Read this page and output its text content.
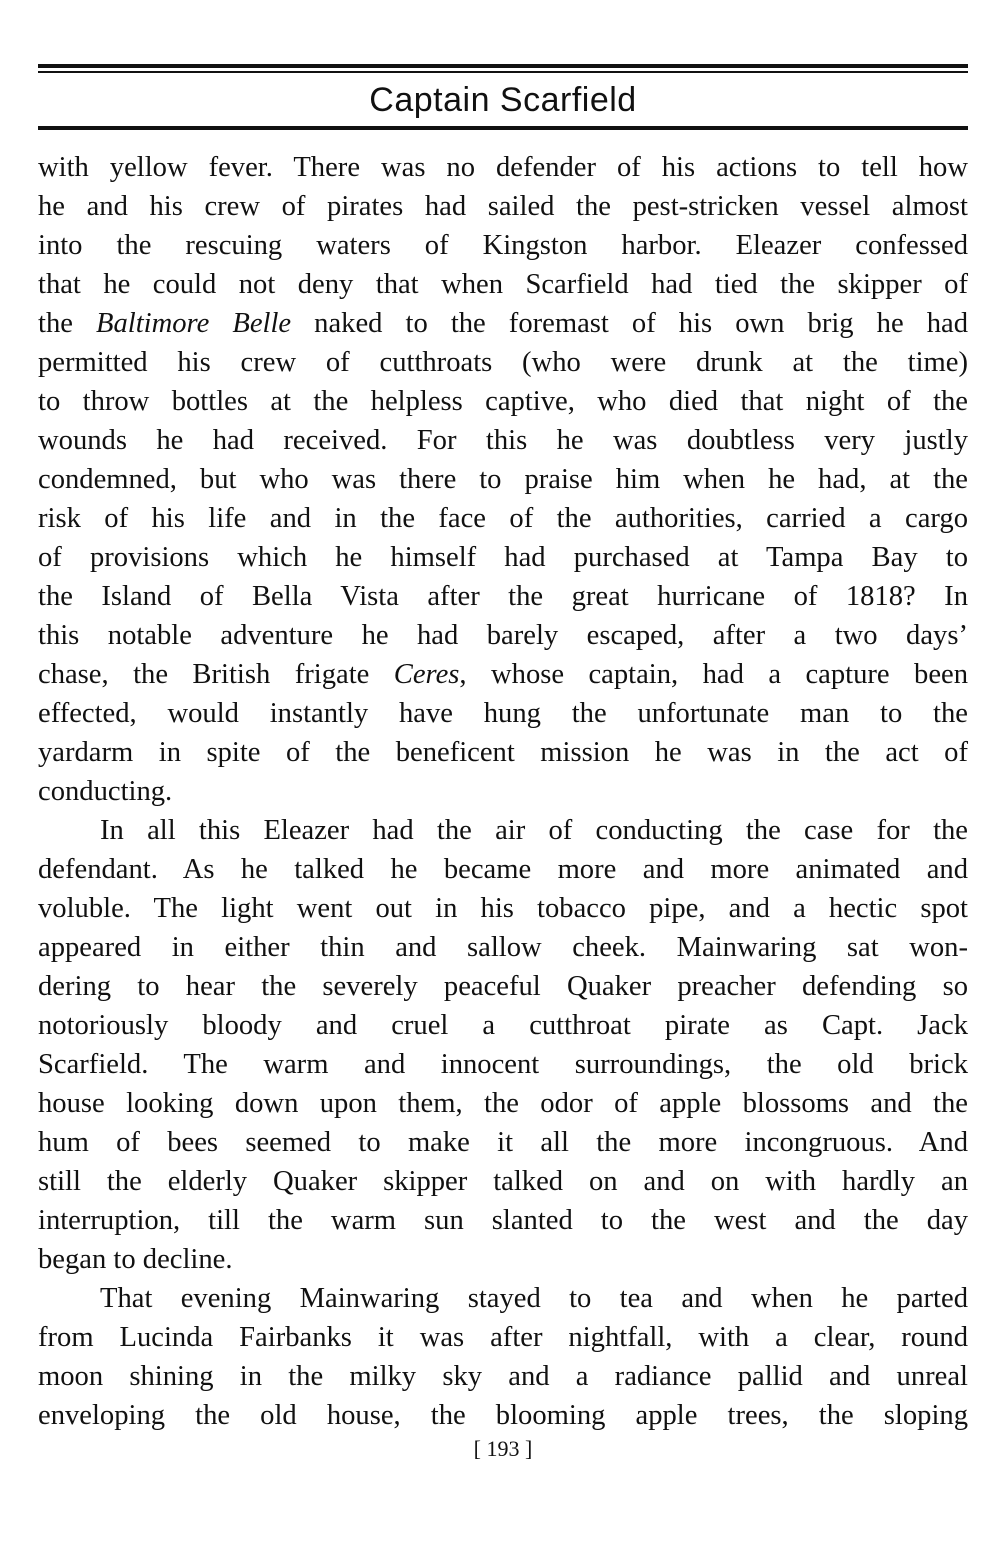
Captain Scarfield
with yellow fever. There was no defender of his actions to tell how
he and his crew of pirates had sailed the pest-stricken vessel almost
into the rescuing waters of Kingston harbor. Eleazer confessed
that he could not deny that when Scarfield had tied the skipper of
the Baltimore Belle naked to the foremast of his own brig he had
permitted his crew of cutthroats (who were drunk at the time)
to throw bottles at the helpless captive, who died that night of the
wounds he had received. For this he was doubtless very justly
condemned, but who was there to praise him when he had, at the
risk of his life and in the face of the authorities, carried a cargo
of provisions which he himself had purchased at Tampa Bay to
the Island of Bella Vista after the great hurricane of 1818? In
this notable adventure he had barely escaped, after a two days’
chase, the British frigate Ceres, whose captain, had a capture been
effected, would instantly have hung the unfortunate man to the
yardarm in spite of the beneficent mission he was in the act of
conducting.
In all this Eleazer had the air of conducting the case for the
defendant. As he talked he became more and more animated and
voluble. The light went out in his tobacco pipe, and a hectic spot
appeared in either thin and sallow cheek. Mainwaring sat won-
dering to hear the severely peaceful Quaker preacher defending so
notoriously bloody and cruel a cutthroat pirate as Capt. Jack
Scarfield. The warm and innocent surroundings, the old brick
house looking down upon them, the odor of apple blossoms and the
hum of bees seemed to make it all the more incongruous. And
still the elderly Quaker skipper talked on and on with hardly an
interruption, till the warm sun slanted to the west and the day
began to decline.
That evening Mainwaring stayed to tea and when he parted
from Lucinda Fairbanks it was after nightfall, with a clear, round
moon shining in the milky sky and a radiance pallid and unreal
enveloping the old house, the blooming apple trees, the sloping
[ 193 ]
